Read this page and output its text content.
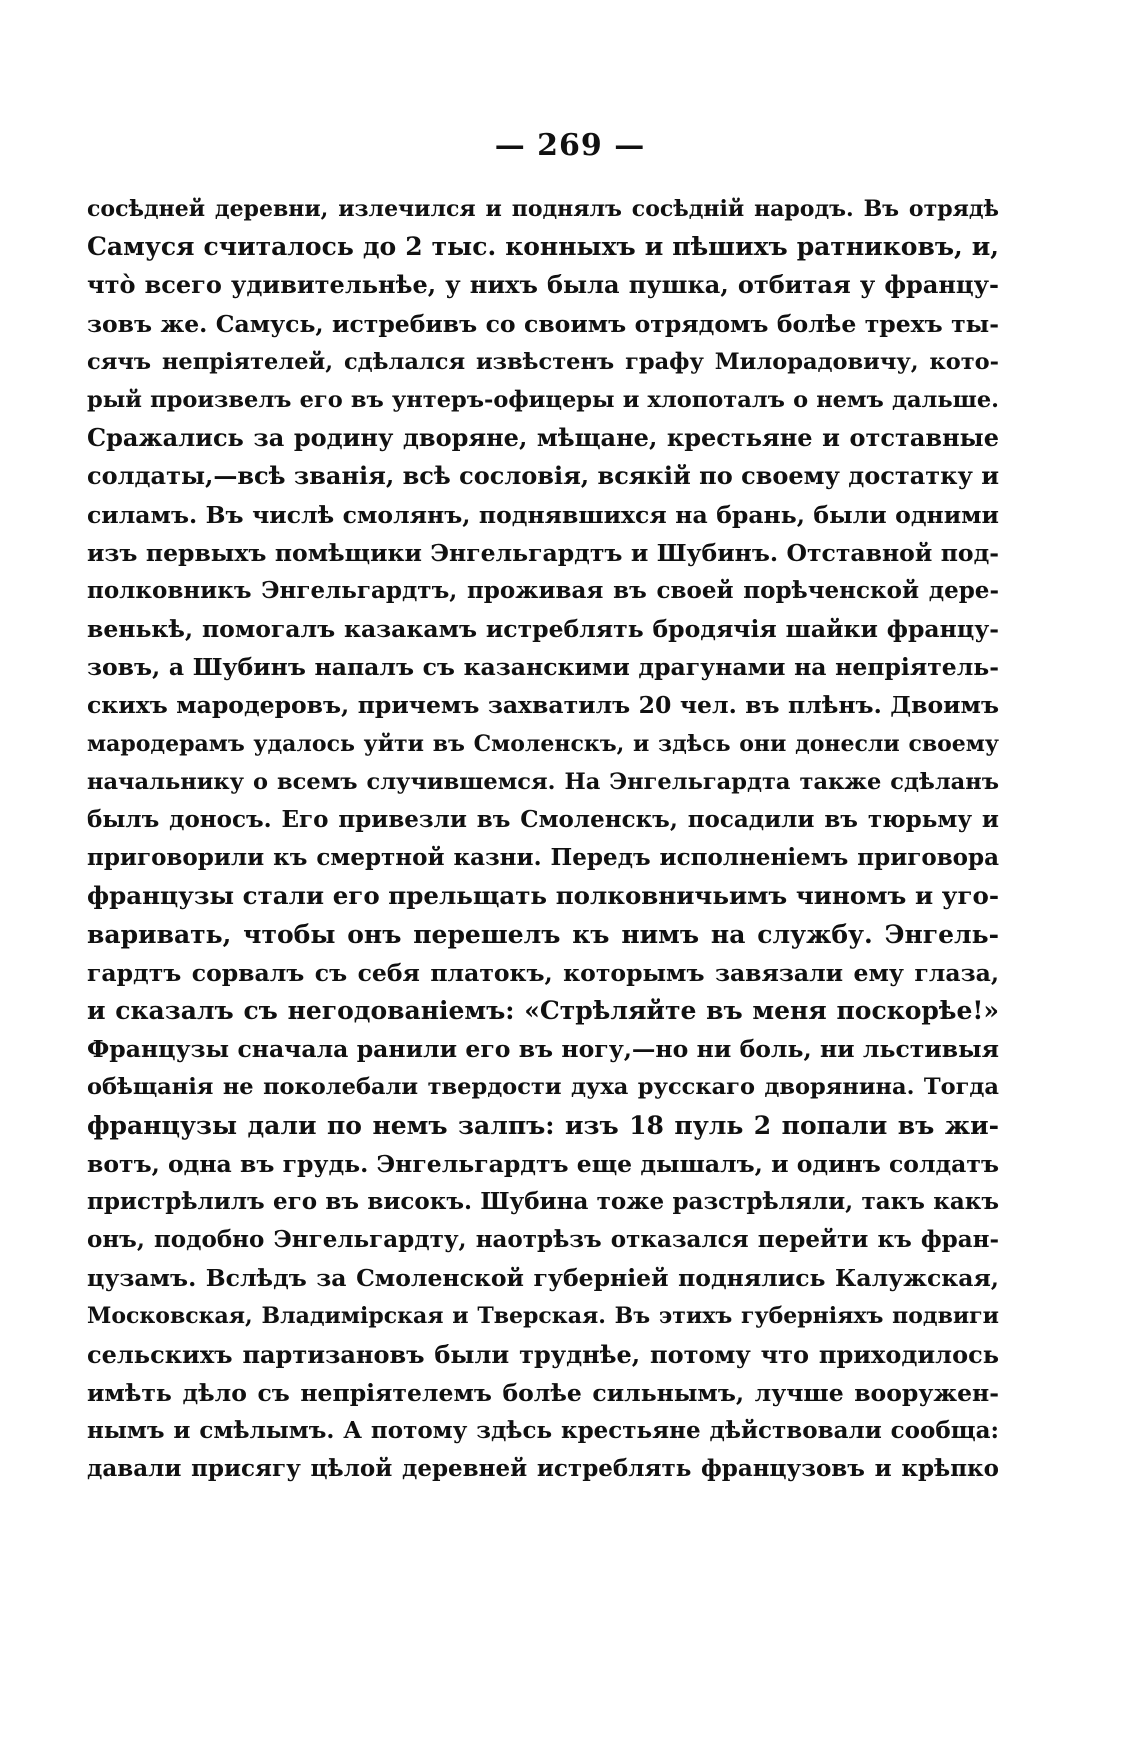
— 269 —
сосѣдней деревни, излечился и поднялъ сосѣднiй народъ. Въ отрядѣ
Самуся считалось до 2 тыс. конныхъ и пѣшихъ ратниковъ, и,
что̀ всего удивительнѣе, у нихъ была пушка, отбитая у францу-
зовъ же. Самусь, истребивъ со своимъ отрядомъ болѣе трехъ ты-
сячъ непрiятелей, сдѣлался извѣстенъ графу Милорадовичу, кото-
рый произвелъ его въ унтеръ-офицеры и хлопоталъ о немъ дальше.
Сражались за родину дворяне, мѣщане, крестьяне и отставные
солдаты,—всѣ званiя, всѣ сословiя, всякiй по своему достатку и
силамъ. Въ числѣ смолянъ, поднявшихся на брань, были одними
изъ первыхъ помѣщики Энгельгардтъ и Шубинъ. Отставной под-
полковникъ Энгельгардтъ, проживая въ своей порѣченской дере-
венькѣ, помогалъ казакамъ истреблять бродячiя шайки францу-
зовъ, а Шубинъ напалъ съ казанскими драгунами на непрiятель-
скихъ мародеровъ, причемъ захватилъ 20 чел. въ плѣнъ. Двоимъ
мародерамъ удалось уйти въ Смоленскъ, и здѣсь они донесли своему
начальнику о всемъ случившемся. На Энгельгардта также сдѣланъ
былъ доносъ. Его привезли въ Смоленскъ, посадили въ тюрьму и
приговорили къ смертной казни. Передъ исполненiемъ приговора
французы стали его прельщать полковничьимъ чиномъ и уго-
варивать, чтобы онъ перешелъ къ нимъ на службу. Энгель-
гардтъ сорвалъ съ себя платокъ, которымъ завязали ему глаза,
и сказалъ съ негодованiемъ: «Стрѣляйте въ меня поскорѣе!»
Французы сначала ранили его въ ногу,—но ни боль, ни льстивыя
обѣщанiя не поколебали твердости духа русскаго дворянина. Тогда
французы дали по немъ залпъ: изъ 18 пуль 2 попали въ жи-
вотъ, одна въ грудь. Энгельгардтъ еще дышалъ, и одинъ солдатъ
пристрѣлилъ его въ високъ. Шубина тоже разстрѣляли, такъ какъ
онъ, подобно Энгельгардту, наотрѣзъ отказался перейти къ фран-
цузамъ. Вслѣдъ за Смоленской губернiей поднялись Калужская,
Московская, Владимiрская и Тверская. Въ этихъ губернiяхъ подвиги
сельскихъ партизановъ были труднѣе, потому что приходилось
имѣть дѣло съ непрiятелемъ болѣе сильнымъ, лучше вооружен-
нымъ и смѣлымъ. А потому здѣсь крестьяне дѣйствовали сообща:
давали присягу цѣлой деревней истреблять французовъ и крѣпко
